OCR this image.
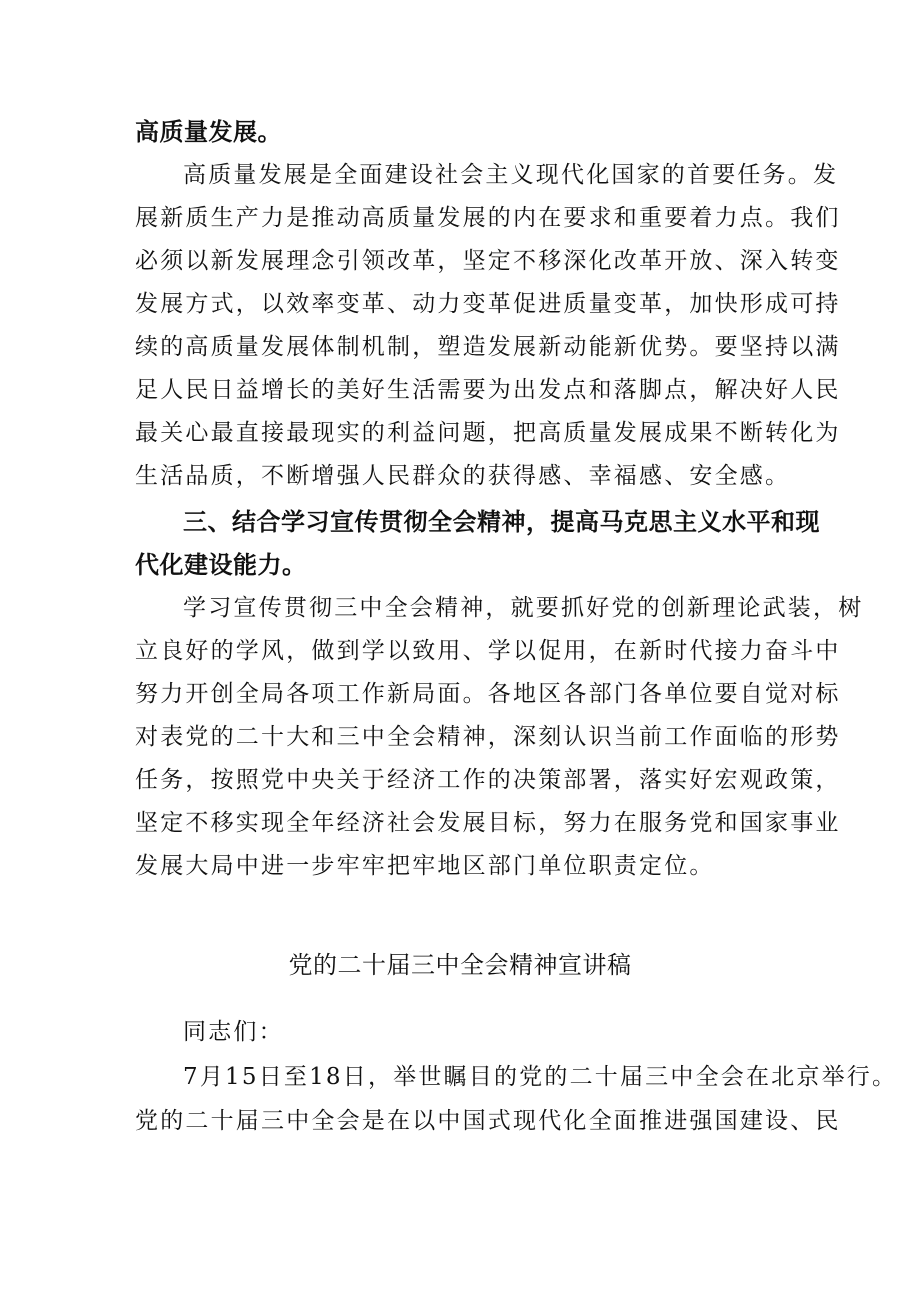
高质量发展。
高质量发展是全面建设社会主义现代化国家的首要任务。发
展新质生产力是推动高质量发展的内在要求和重要着力点。我们
必须以新发展理念引领改革，坚定不移深化改革开放、深入转变
发展方式，以效率变革、动力变革促进质量变革，加快形成可持
续的高质量发展体制机制，塑造发展新动能新优势。要坚持以满
足人民日益增长的美好生活需要为出发点和落脚点，解决好人民
最关心最直接最现实的利益问题，把高质量发展成果不断转化为
生活品质，不断增强人民群众的获得感、幸福感、安全感。
三、结合学习宣传贯彻全会精神，提高马克思主义水平和现
代化建设能力。
学习宣传贯彻三中全会精神，就要抓好党的创新理论武装，树
立良好的学风，做到学以致用、学以促用，在新时代接力奋斗中
努力开创全局各项工作新局面。各地区各部门各单位要自觉对标
对表党的二十大和三中全会精神，深刻认识当前工作面临的形势
任务，按照党中央关于经济工作的决策部署，落实好宏观政策，
坚定不移实现全年经济社会发展目标，努力在服务党和国家事业
发展大局中进一步牢牢把牢地区部门单位职责定位。
党的二十届三中全会精神宣讲稿
同志们：
7月15日至18日，举世瞩目的党的二十届三中全会在北京举行。
党的二十届三中全会是在以中国式现代化全面推进强国建设、民
